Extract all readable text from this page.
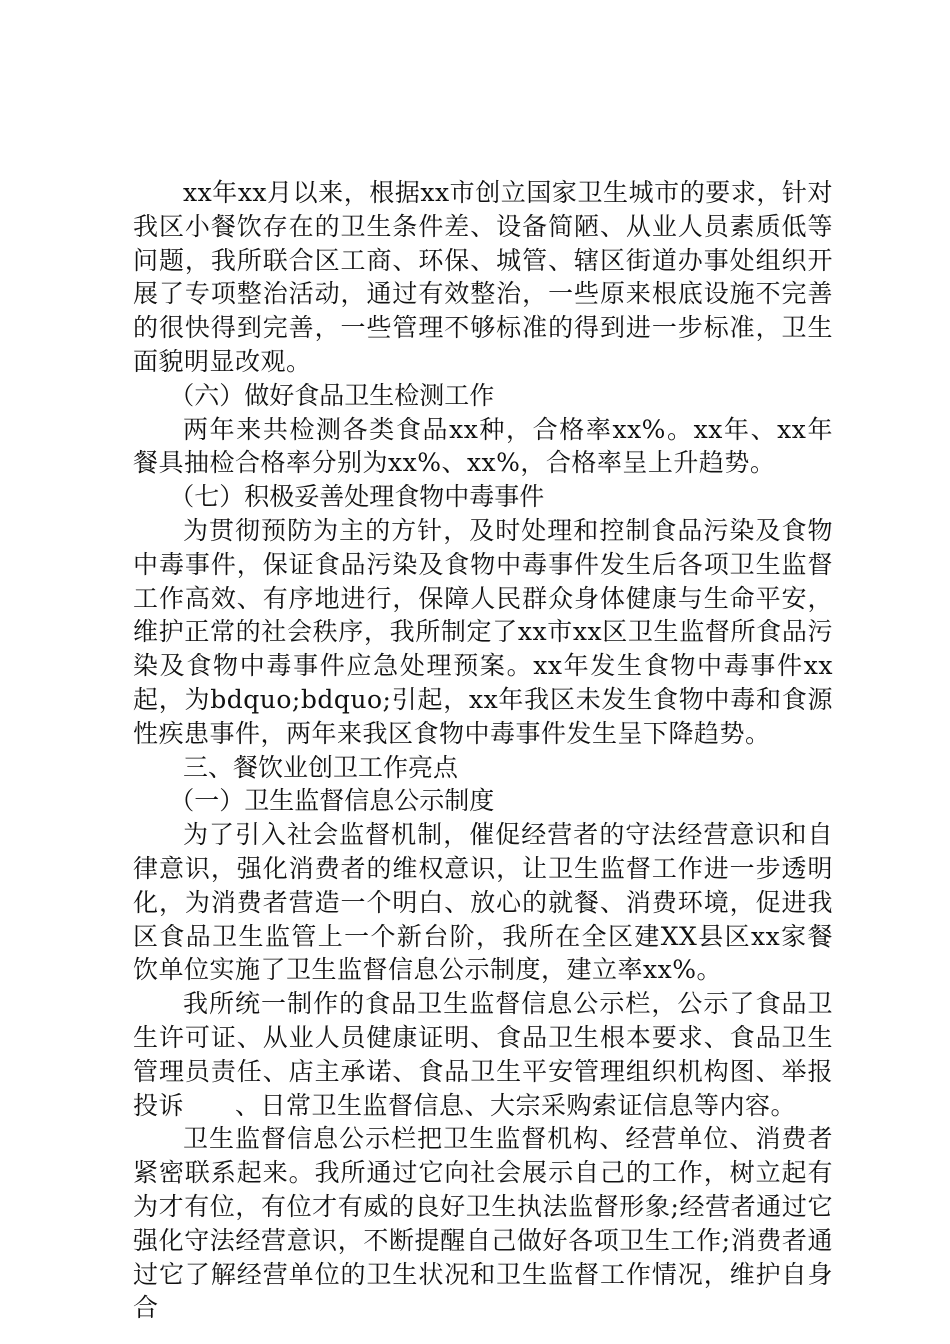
xx年xx月以来，根据xx市创立国家卫生城市的要求，针对我区小餐饮存在的卫生条件差、设备简陋、从业人员素质低等问题，我所联合区工商、环保、城管、辖区街道办事处组织开展了专项整治活动，通过有效整治，一些原来根底设施不完善的很快得到完善，一些管理不够标准的得到进一步标准，卫生面貌明显改观。

（六）做好食品卫生检测工作

两年来共检测各类食品xx种，合格率xx%。xx年、xx年餐具抽检合格率分别为xx%、xx%，合格率呈上升趋势。

（七）积极妥善处理食物中毒事件

为贯彻预防为主的方针，及时处理和控制食品污染及食物中毒事件，保证食品污染及食物中毒事件发生后各项卫生监督工作高效、有序地进行，保障人民群众身体健康与生命平安，维护正常的社会秩序，我所制定了xx市xx区卫生监督所食品污染及食物中毒事件应急处理预案。xx年发生食物中毒事件xx起，为bdquo;bdquo;引起，xx年我区未发生食物中毒和食源性疾患事件，两年来我区食物中毒事件发生呈下降趋势。

三、餐饮业创卫工作亮点

（一）卫生监督信息公示制度

为了引入社会监督机制，催促经营者的守法经营意识和自律意识，强化消费者的维权意识，让卫生监督工作进一步透明化，为消费者营造一个明白、放心的就餐、消费环境，促进我区食品卫生监管上一个新台阶，我所在全区建XX县区xx家餐饮单位实施了卫生监督信息公示制度，建立率xx%。

我所统一制作的食品卫生监督信息公示栏，公示了食品卫生许可证、从业人员健康证明、食品卫生根本要求、食品卫生管理员责任、店主承诺、食品卫生平安管理组织机构图、举报投诉　　、日常卫生监督信息、大宗采购索证信息等内容。

卫生监督信息公示栏把卫生监督机构、经营单位、消费者紧密联系起来。我所通过它向社会展示自己的工作，树立起有为才有位，有位才有威的良好卫生执法监督形象;经营者通过它强化守法经营意识，不断提醒自己做好各项卫生工作;消费者通过它了解经营单位的卫生状况和卫生监督工作情况，维护自身合
